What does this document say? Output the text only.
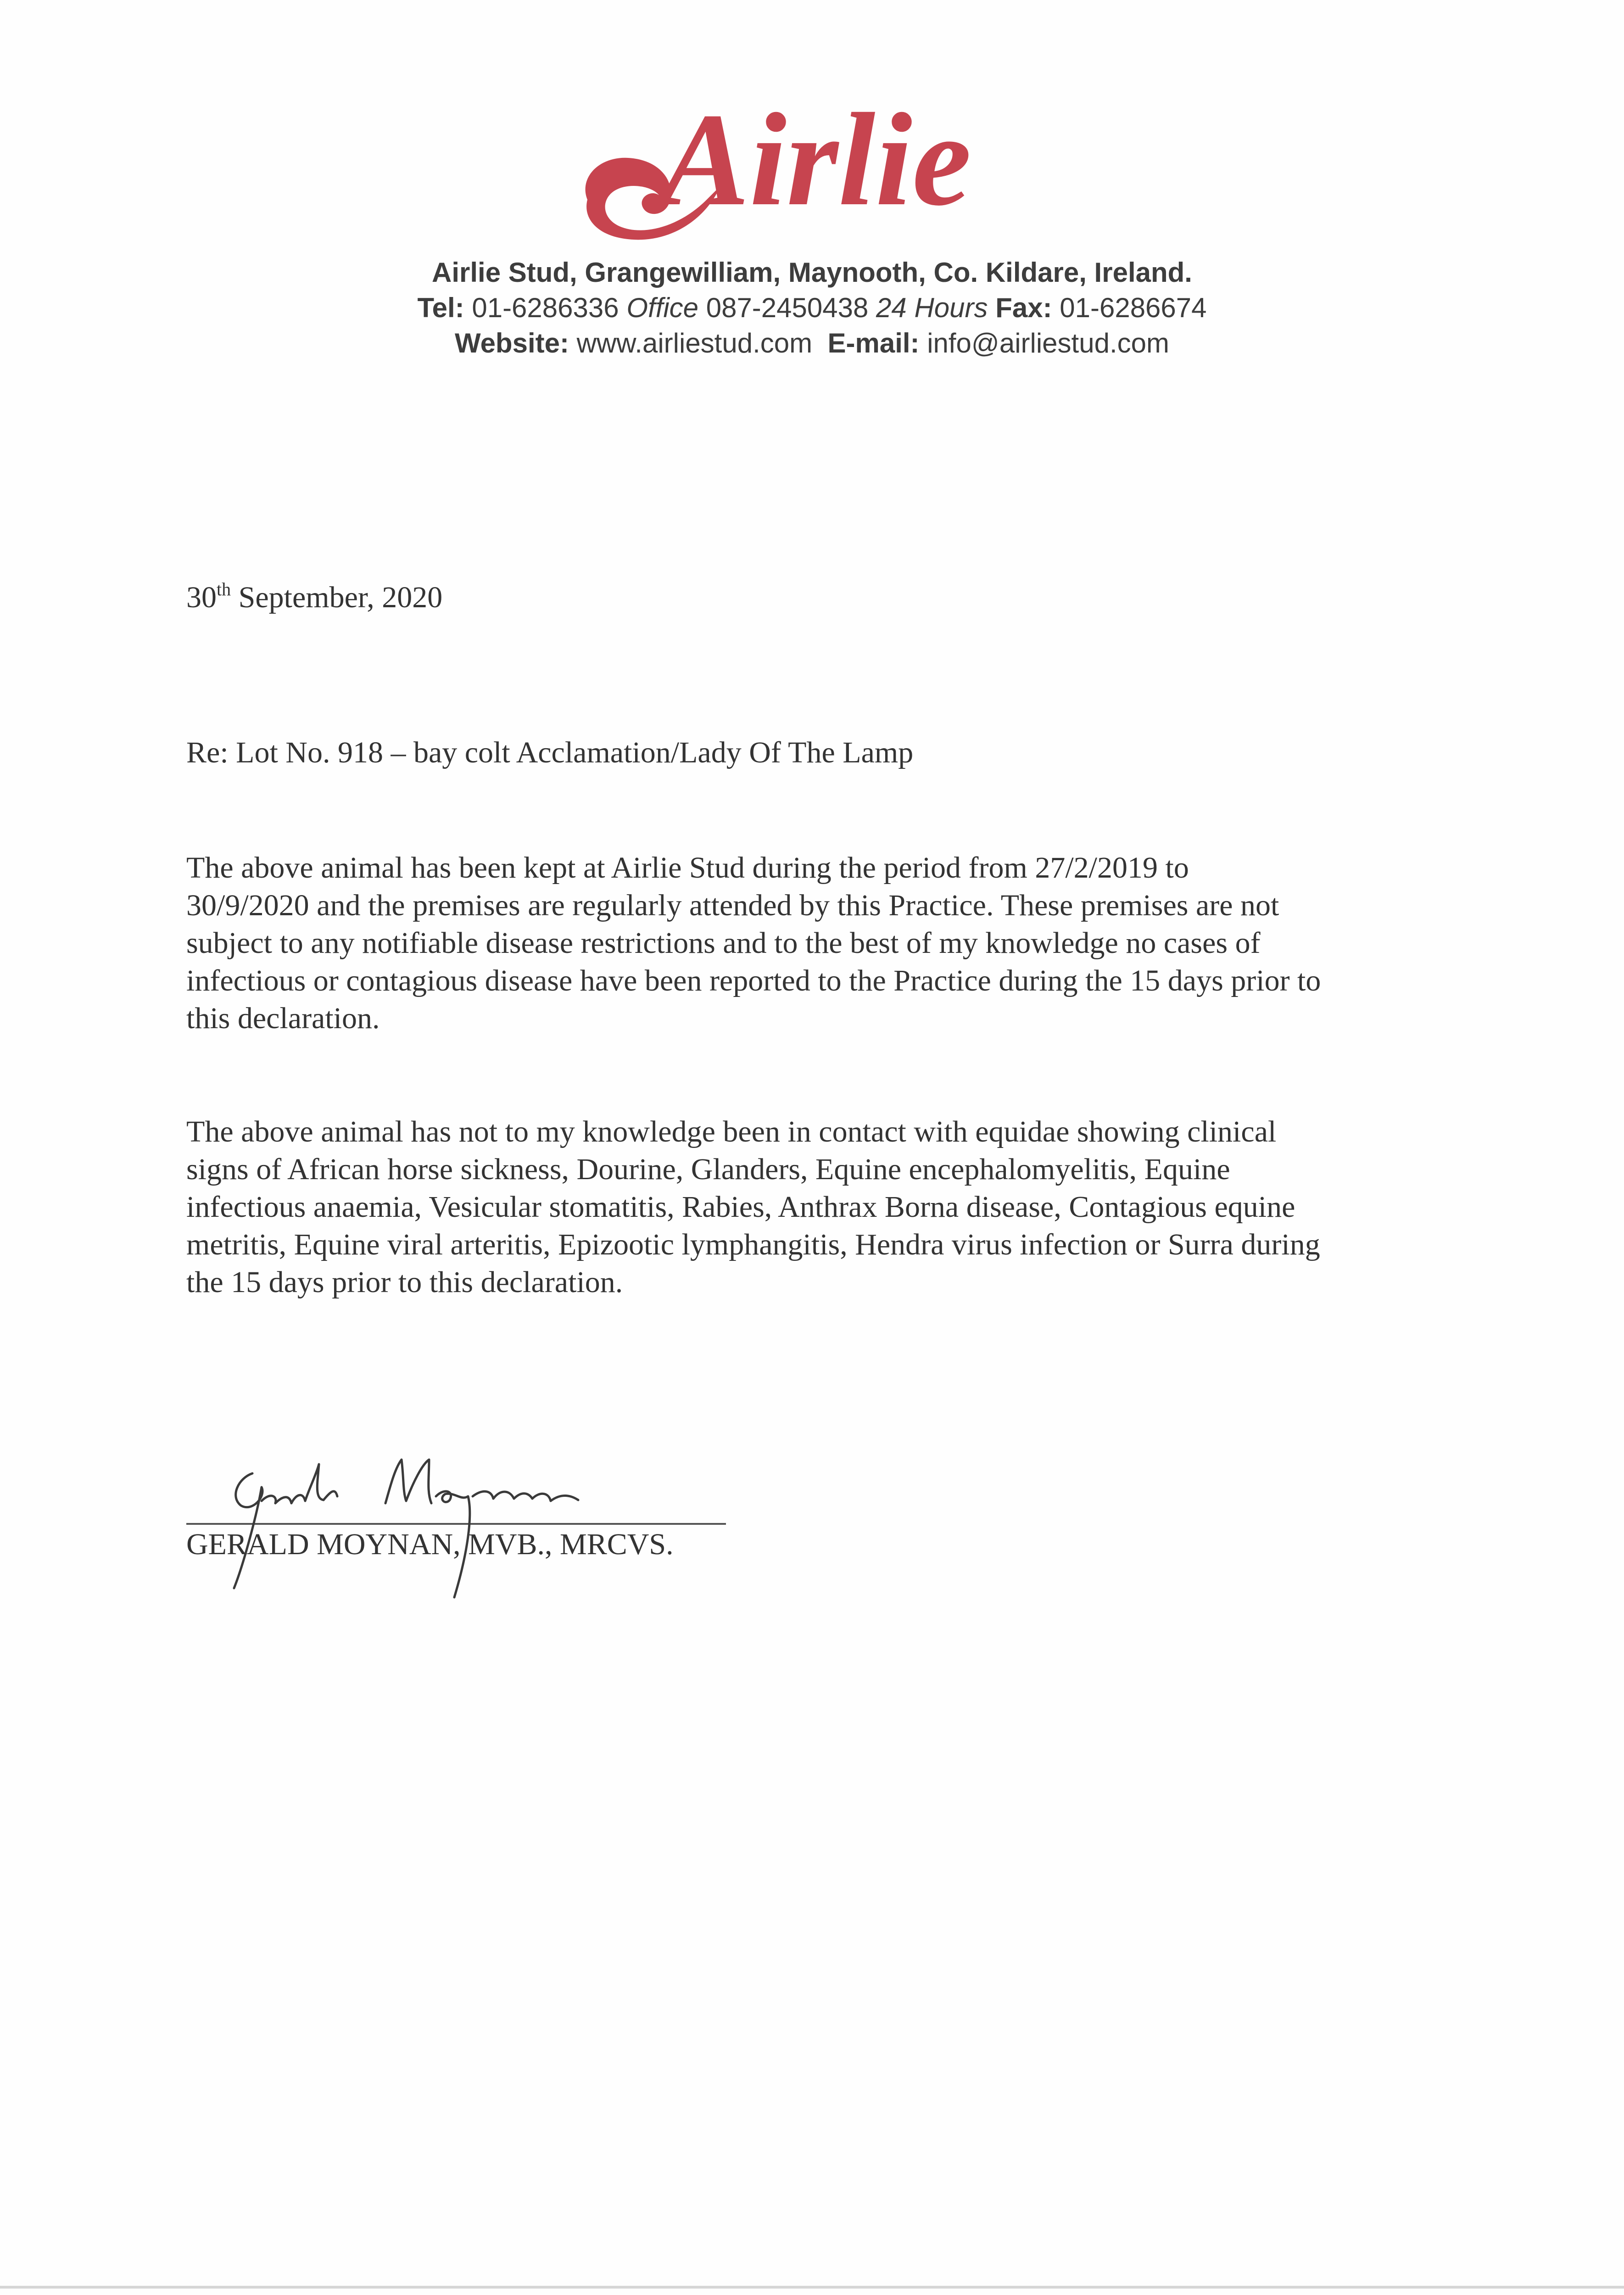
Airlie
Airlie Stud, Grangewilliam, Maynooth, Co. Kildare, Ireland.
Tel: 01-6286336 Office 087-2450438 24 Hours Fax: 01-6286674
Website: www.airliestud.com E-mail: info@airliestud.com
30th September, 2020
Re: Lot No. 918 – bay colt Acclamation/Lady Of The Lamp
The above animal has been kept at Airlie Stud during the period from 27/2/2019 to
30/9/2020 and the premises are regularly attended by this Practice. These premises are not
subject to any notifiable disease restrictions and to the best of my knowledge no cases of
infectious or contagious disease have been reported to the Practice during the 15 days prior to
this declaration.
The above animal has not to my knowledge been in contact with equidae showing clinical
signs of African horse sickness, Dourine, Glanders, Equine encephalomyelitis, Equine
infectious anaemia, Vesicular stomatitis, Rabies, Anthrax Borna disease, Contagious equine
metritis, Equine viral arteritis, Epizootic lymphangitis, Hendra virus infection or Surra during
the 15 days prior to this declaration.
GERALD MOYNAN, MVB., MRCVS.
